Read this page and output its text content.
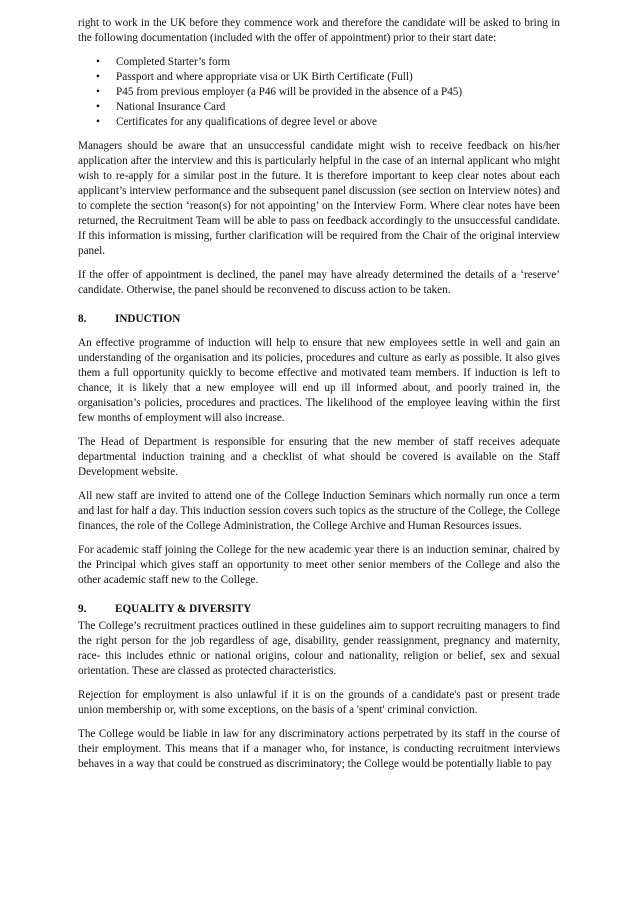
right to work in the UK before they commence work and therefore the candidate will be asked to bring in the following documentation (included with the offer of appointment) prior to their start date:

• Completed Starter’s form
• Passport and where appropriate visa or UK Birth Certificate (Full)
• P45 from previous employer (a P46 will be provided in the absence of a P45)
• National Insurance Card
• Certificates for any qualifications of degree level or above

Managers should be aware that an unsuccessful candidate might wish to receive feedback on his/her application after the interview and this is particularly helpful in the case of an internal applicant who might wish to re-apply for a similar post in the future. It is therefore important to keep clear notes about each applicant’s interview performance and the subsequent panel discussion (see section on Interview notes) and to complete the section ‘reason(s) for not appointing’ on the Interview Form. Where clear notes have been returned, the Recruitment Team will be able to pass on feedback accordingly to the unsuccessful candidate. If this information is missing, further clarification will be required from the Chair of the original interview panel.

If the offer of appointment is declined, the panel may have already determined the details of a ‘reserve’ candidate. Otherwise, the panel should be reconvened to discuss action to be taken.

8.	INDUCTION

An effective programme of induction will help to ensure that new employees settle in well and gain an understanding of the organisation and its policies, procedures and culture as early as possible. It also gives them a full opportunity quickly to become effective and motivated team members. If induction is left to chance, it is likely that a new employee will end up ill informed about, and poorly trained in, the organisation’s policies, procedures and practices. The likelihood of the employee leaving within the first few months of employment will also increase.

The Head of Department is responsible for ensuring that the new member of staff receives adequate departmental induction training and a checklist of what should be covered is available on the Staff Development website.

All new staff are invited to attend one of the College Induction Seminars which normally run once a term and last for half a day. This induction session covers such topics as the structure of the College, the College finances, the role of the College Administration, the College Archive and Human Resources issues.

For academic staff joining the College for the new academic year there is an induction seminar, chaired by the Principal which gives staff an opportunity to meet other senior members of the College and also the other academic staff new to the College.

9.	EQUALITY & DIVERSITY

The College’s recruitment practices outlined in these guidelines aim to support recruiting managers to find the right person for the job regardless of age, disability, gender reassignment, pregnancy and maternity, race- this includes ethnic or national origins, colour and nationality, religion or belief, sex and sexual orientation. These are classed as protected characteristics.

Rejection for employment is also unlawful if it is on the grounds of a candidate's past or present trade union membership or, with some exceptions, on the basis of a 'spent' criminal conviction.

The College would be liable in law for any discriminatory actions perpetrated by its staff in the course of their employment. This means that if a manager who, for instance, is conducting recruitment interviews behaves in a way that could be construed as discriminatory; the College would be potentially liable to pay
